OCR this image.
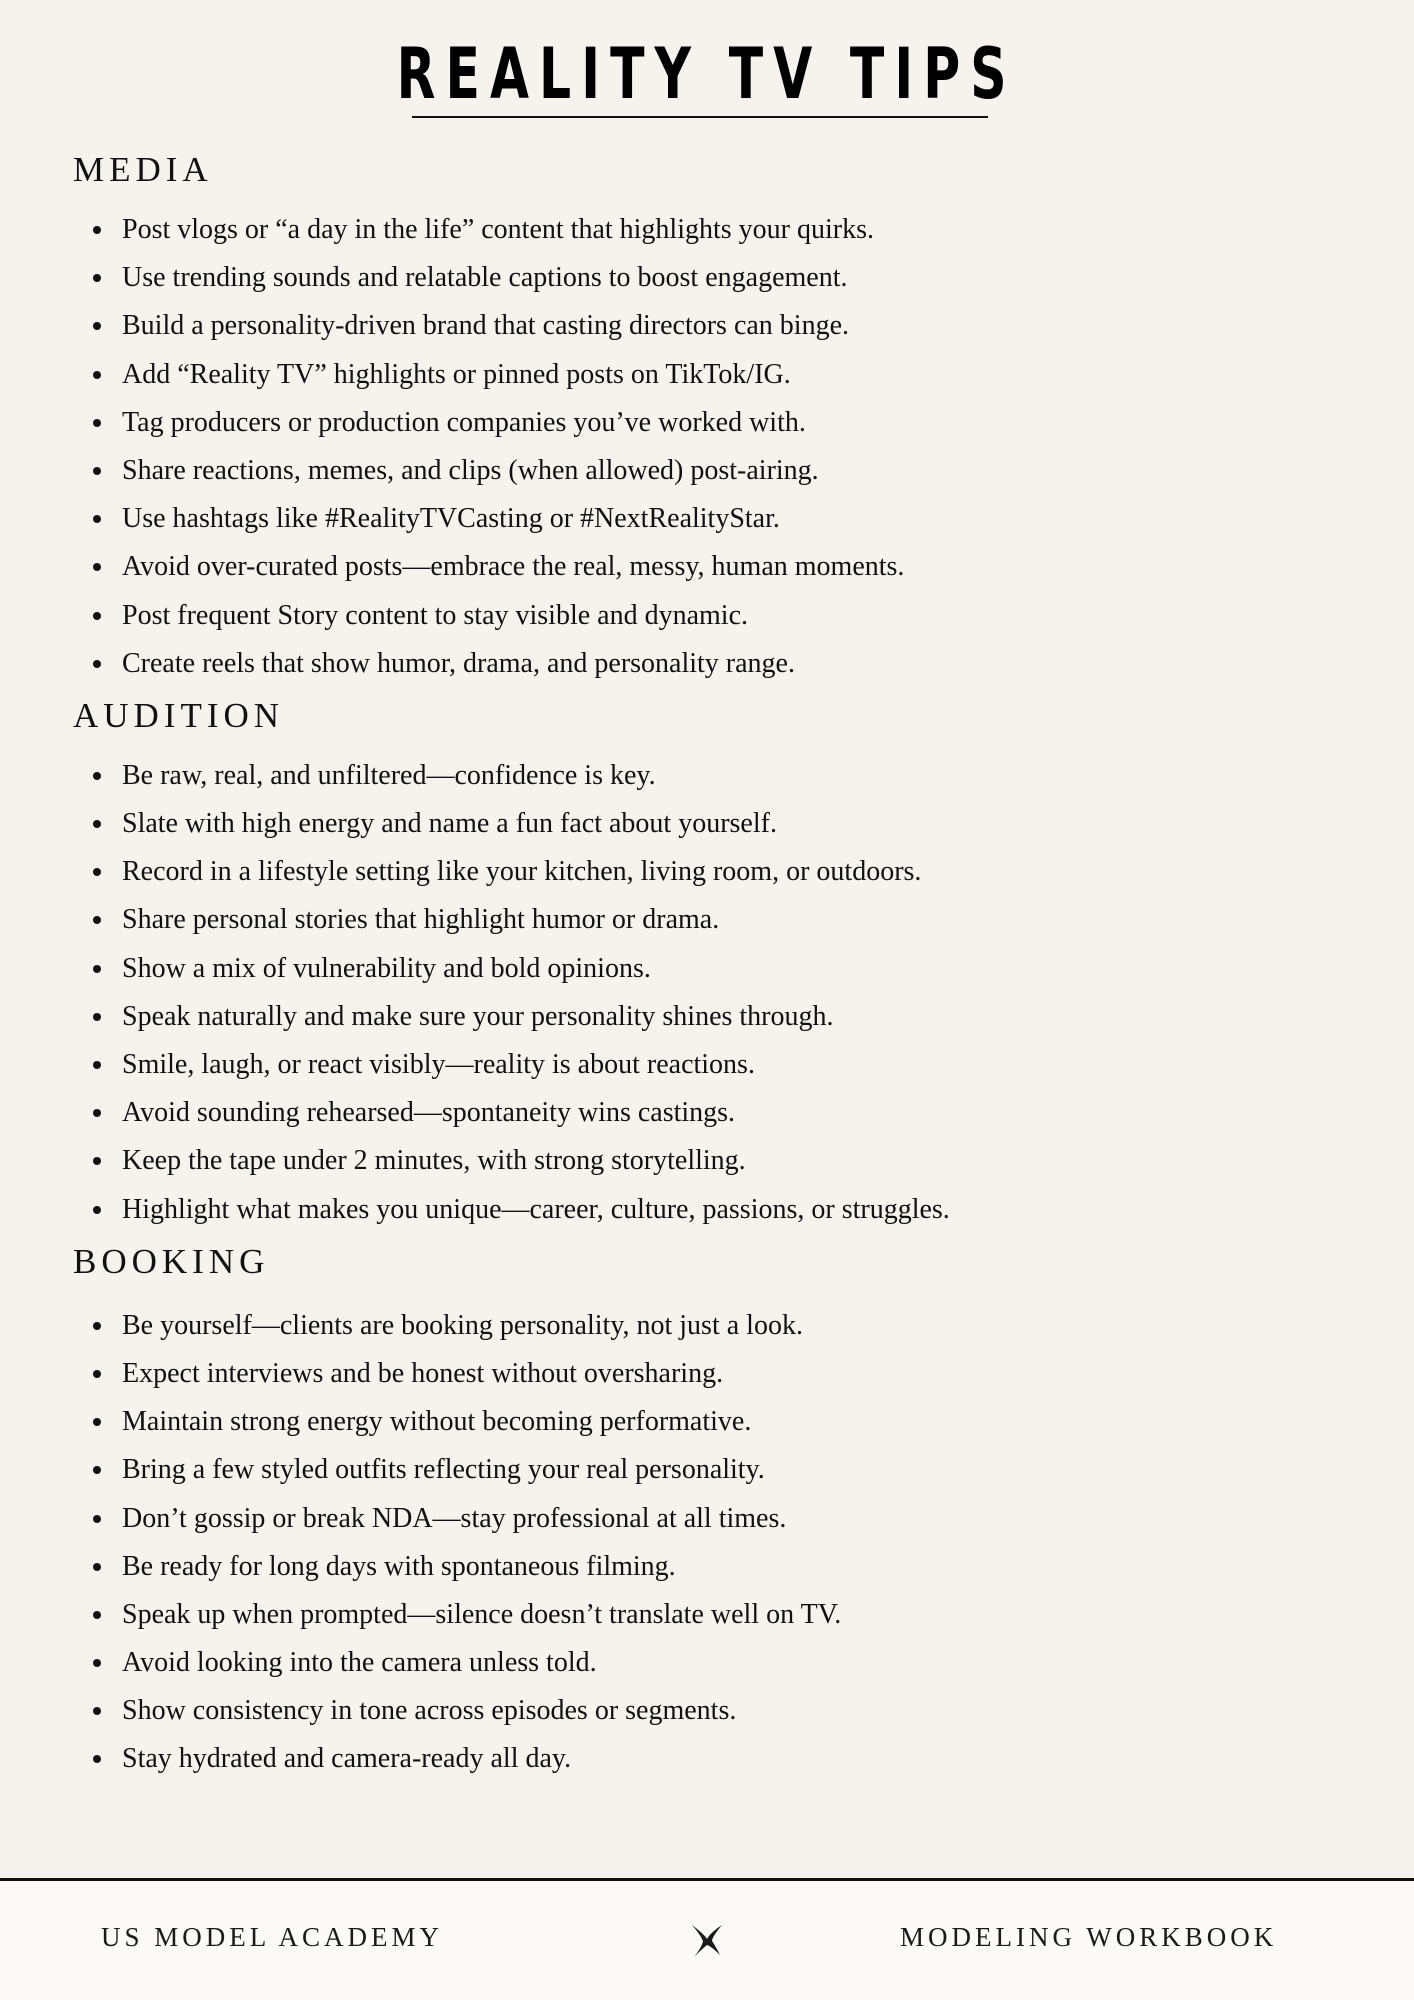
REALITY TV TIPS
MEDIA
Post vlogs or “a day in the life” content that highlights your quirks.
Use trending sounds and relatable captions to boost engagement.
Build a personality-driven brand that casting directors can binge.
Add “Reality TV” highlights or pinned posts on TikTok/IG.
Tag producers or production companies you’ve worked with.
Share reactions, memes, and clips (when allowed) post-airing.
Use hashtags like #RealityTVCasting or #NextRealityStar.
Avoid over-curated posts—embrace the real, messy, human moments.
Post frequent Story content to stay visible and dynamic.
Create reels that show humor, drama, and personality range.
AUDITION
Be raw, real, and unfiltered—confidence is key.
Slate with high energy and name a fun fact about yourself.
Record in a lifestyle setting like your kitchen, living room, or outdoors.
Share personal stories that highlight humor or drama.
Show a mix of vulnerability and bold opinions.
Speak naturally and make sure your personality shines through.
Smile, laugh, or react visibly—reality is about reactions.
Avoid sounding rehearsed—spontaneity wins castings.
Keep the tape under 2 minutes, with strong storytelling.
Highlight what makes you unique—career, culture, passions, or struggles.
BOOKING
Be yourself—clients are booking personality, not just a look.
Expect interviews and be honest without oversharing.
Maintain strong energy without becoming performative.
Bring a few styled outfits reflecting your real personality.
Don’t gossip or break NDA—stay professional at all times.
Be ready for long days with spontaneous filming.
Speak up when prompted—silence doesn’t translate well on TV.
Avoid looking into the camera unless told.
Show consistency in tone across episodes or segments.
Stay hydrated and camera-ready all day.
US MODEL ACADEMY	MODELING WORKBOOK
